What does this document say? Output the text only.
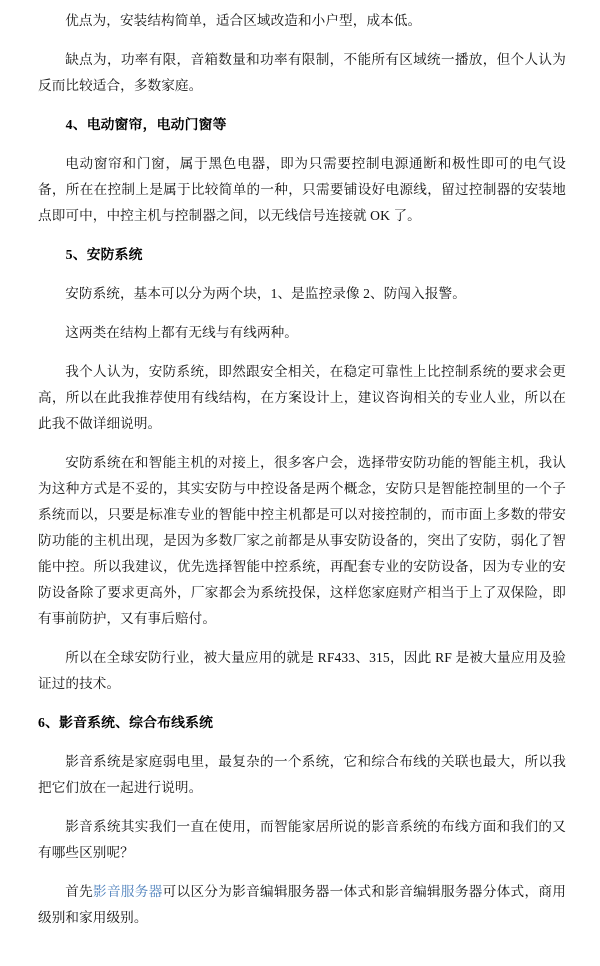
优点为，安装结构简单，适合区域改造和小户型，成本低。

缺点为，功率有限，音箱数量和功率有限制，不能所有区域统一播放，但个人认为反而比较适合，多数家庭。

4、电动窗帘，电动门窗等

电动窗帘和门窗，属于黑色电器，即为只需要控制电源通断和极性即可的电气设备，所在在控制上是属于比较简单的一种，只需要铺设好电源线，留过控制器的安装地点即可中，中控主机与控制器之间，以无线信号连接就 OK 了。

5、安防系统

安防系统，基本可以分为两个块，1、是监控录像 2、防闯入报警。

这两类在结构上都有无线与有线两种。

我个人认为，安防系统，即然跟安全相关，在稳定可靠性上比控制系统的要求会更高，所以在此我推荐使用有线结构，在方案设计上，建议咨询相关的专业人业，所以在此我不做详细说明。

安防系统在和智能主机的对接上，很多客户会，选择带安防功能的智能主机，我认为这种方式是不妥的，其实安防与中控设备是两个概念，安防只是智能控制里的一个子系统而以，只要是标准专业的智能中控主机都是可以对接控制的，而市面上多数的带安防功能的主机出现，是因为多数厂家之前都是从事安防设备的，突出了安防，弱化了智能中控。所以我建议，优先选择智能中控系统，再配套专业的安防设备，因为专业的安防设备除了要求更高外，厂家都会为系统投保，这样您家庭财产相当于上了双保险，即有事前防护，又有事后赔付。

所以在全球安防行业，被大量应用的就是 RF433、315，因此 RF 是被大量应用及验证过的技术。

6、影音系统、综合布线系统

影音系统是家庭弱电里，最复杂的一个系统，它和综合布线的关联也最大，所以我把它们放在一起进行说明。

影音系统其实我们一直在使用，而智能家居所说的影音系统的布线方面和我们的又有哪些区别呢？

首先影音服务器可以区分为影音编辑服务器一体式和影音编辑服务器分体式，商用级别和家用级别。
